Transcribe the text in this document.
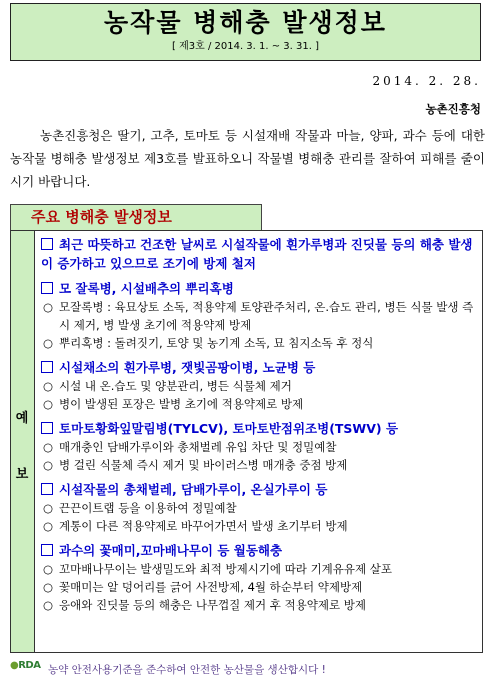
농작물 병해충 발생정보
[ 제3호 / 2014. 3. 1. ~ 3. 31. ]
2014. 2. 28.
농촌진흥청
농촌진흥청은 딸기, 고추, 토마토 등 시설재배 작물과 마늘, 양파, 과수 등에 대한 농작물 병해충 발생정보 제3호를 발표하오니 작물별 병해충 관리를 잘하여 피해를 줄이시기 바랍니다.
주요 병해충 발생정보
예
보
최근 따뜻하고 건조한 날씨로 시설작물에 흰가루병과 진딧물 등의 해충 발생이 증가하고 있으므로 조기에 방제 철저
모 잘록병, 시설배추의 뿌리혹병
○ 모잘록병 : 육묘상토 소독, 적용약제 토양관주처리, 온.습도 관리, 병든 식물 발생 즉시 제거, 병 발생 초기에 적용약제 방제
○ 뿌리혹병 : 돌려짓기, 토양 및 농기계 소독, 묘 침지소독 후 정식
시설채소의 흰가루병, 잿빛곰팡이병, 노균병 등
○ 시설 내 온.습도 및 양분관리, 병든 식물체 제거
○ 병이 발생된 포장은 발병 초기에 적용약제로 방제
토마토황화잎말림병(TYLCV), 토마토반점위조병(TSWV) 등
○ 매개충인 담배가루이와 총채벌레 유입 차단 및 정밀예찰
○ 병 걸린 식물체 즉시 제거 및 바이러스병 매개충 중점 방제
시설작물의 총채벌레, 담배가루이, 온실가루이 등
○ 끈끈이트랩 등을 이용하여 정밀예찰
○ 계통이 다른 적용약제로 바꾸어가면서 발생 초기부터 방제
과수의 꽃매미,꼬마배나무이 등 월동해충
○ 꼬마배나무이는 발생밀도와 최적 방제시기에 따라 기계유유제 살포
○ 꽃매미는 알 덩어리를 긁어 사전방제, 4월 하순부터 약제방제
○ 응애와 진딧물 등의 해충은 나무껍질 제거 후 적용약제로 방제
●RDA 농약 안전사용기준을 준수하여 안전한 농산물을 생산합시다 !
